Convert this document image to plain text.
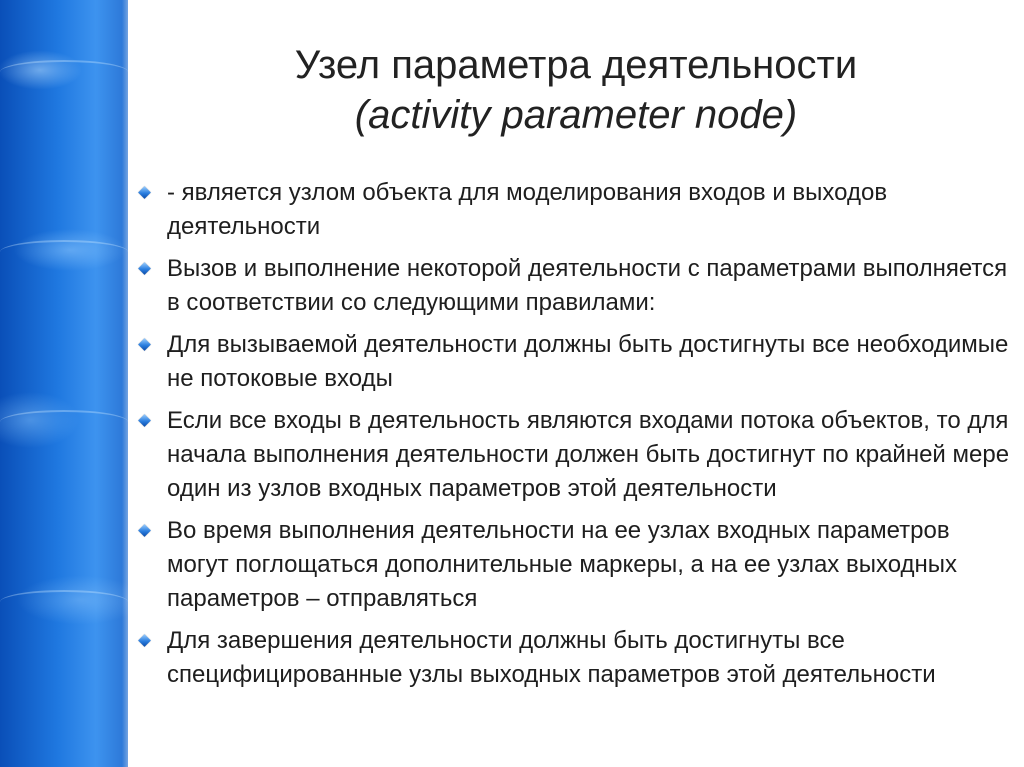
Узел параметра деятельности
(activity parameter node)
- является узлом объекта для моделирования входов и выходов деятельности
Вызов и выполнение некоторой деятельности с параметрами выполняется в соответствии со следующими правилами:
Для вызываемой деятельности должны быть достигнуты все необходимые не потоковые входы
Если все входы в деятельность являются входами потока объектов, то для начала выполнения деятельности должен быть достигнут по крайней мере один из узлов входных параметров этой деятельности
Во время выполнения деятельности на ее узлах входных параметров могут поглощаться дополнительные маркеры, а на ее узлах выходных параметров – отправляться
Для завершения деятельности должны быть достигнуты все специфицированные узлы выходных параметров этой деятельности
